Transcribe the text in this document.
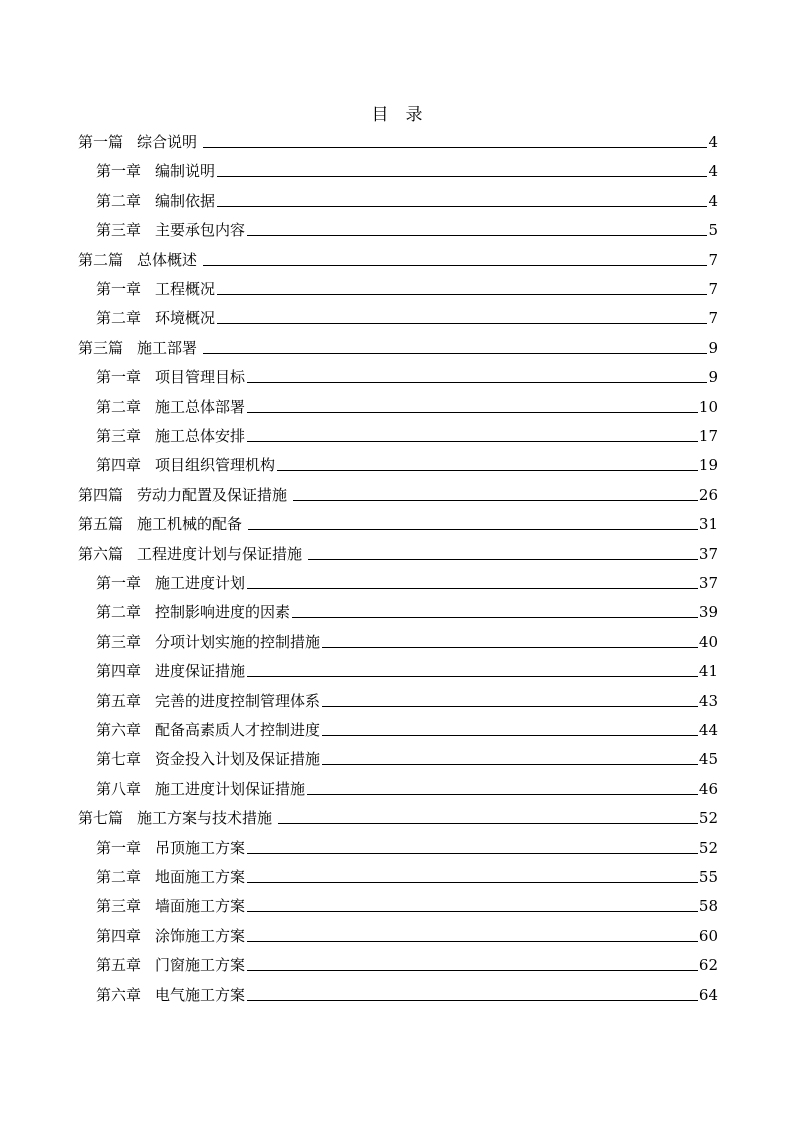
目　录
第一篇 综合说明	4
第一章 编制说明	4
第二章 编制依据	4
第三章 主要承包内容	5
第二篇 总体概述	7
第一章 工程概况	7
第二章 环境概况	7
第三篇 施工部署	9
第一章 项目管理目标	9
第二章 施工总体部署	10
第三章 施工总体安排	17
第四章 项目组织管理机构	19
第四篇 劳动力配置及保证措施	26
第五篇 施工机械的配备	31
第六篇 工程进度计划与保证措施	37
第一章 施工进度计划	37
第二章 控制影响进度的因素	39
第三章 分项计划实施的控制措施	40
第四章 进度保证措施	41
第五章 完善的进度控制管理体系	43
第六章 配备高素质人才控制进度	44
第七章 资金投入计划及保证措施	45
第八章 施工进度计划保证措施	46
第七篇 施工方案与技术措施	52
第一章 吊顶施工方案	52
第二章 地面施工方案	55
第三章 墙面施工方案	58
第四章 涂饰施工方案	60
第五章 门窗施工方案	62
第六章 电气施工方案	64
